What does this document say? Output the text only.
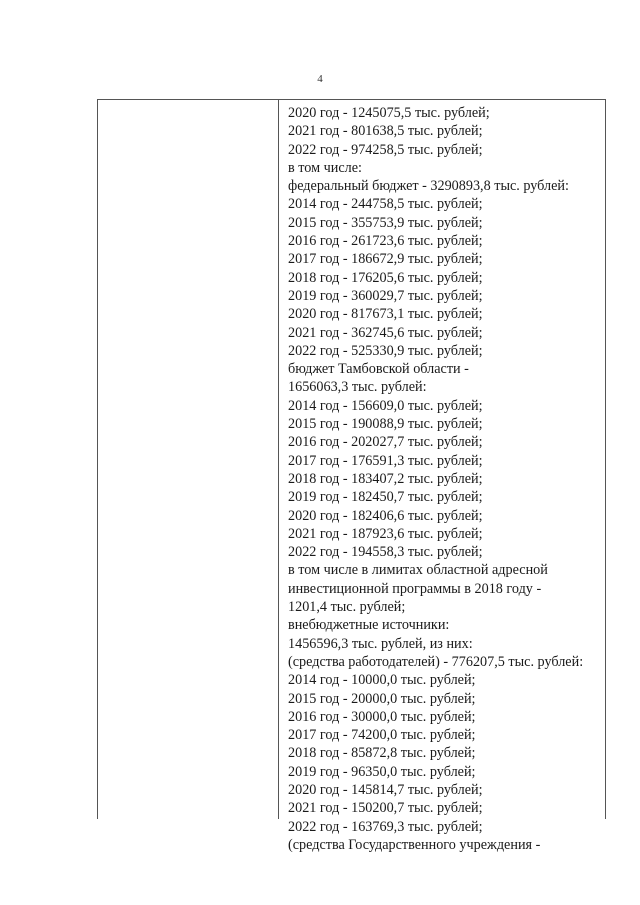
4
2020 год - 1245075,5 тыс. рублей;
2021 год - 801638,5 тыс. рублей;
2022 год - 974258,5 тыс. рублей;
в том числе:
федеральный бюджет - 3290893,8 тыс. рублей:
2014 год - 244758,5 тыс. рублей;
2015 год - 355753,9 тыс. рублей;
2016 год - 261723,6 тыс. рублей;
2017 год - 186672,9 тыс. рублей;
2018 год - 176205,6 тыс. рублей;
2019 год - 360029,7 тыс. рублей;
2020 год - 817673,1 тыс. рублей;
2021 год - 362745,6 тыс. рублей;
2022 год - 525330,9 тыс. рублей;
бюджет Тамбовской области -
1656063,3 тыс. рублей:
2014 год - 156609,0 тыс. рублей;
2015 год - 190088,9 тыс. рублей;
2016 год - 202027,7 тыс. рублей;
2017 год - 176591,3 тыс. рублей;
2018 год - 183407,2 тыс. рублей;
2019 год - 182450,7 тыс. рублей;
2020 год - 182406,6 тыс. рублей;
2021 год - 187923,6 тыс. рублей;
2022 год - 194558,3 тыс. рублей;
в том числе в лимитах областной адресной
инвестиционной программы в 2018 году -
1201,4 тыс. рублей;
внебюджетные источники:
1456596,3 тыс. рублей, из них:
(средства работодателей) - 776207,5 тыс. рублей:
2014 год - 10000,0 тыс. рублей;
2015 год - 20000,0 тыс. рублей;
2016 год - 30000,0 тыс. рублей;
2017 год - 74200,0 тыс. рублей;
2018 год - 85872,8 тыс. рублей;
2019 год - 96350,0 тыс. рублей;
2020 год - 145814,7 тыс. рублей;
2021 год - 150200,7 тыс. рублей;
2022 год - 163769,3 тыс. рублей;
(средства Государственного учреждения -
